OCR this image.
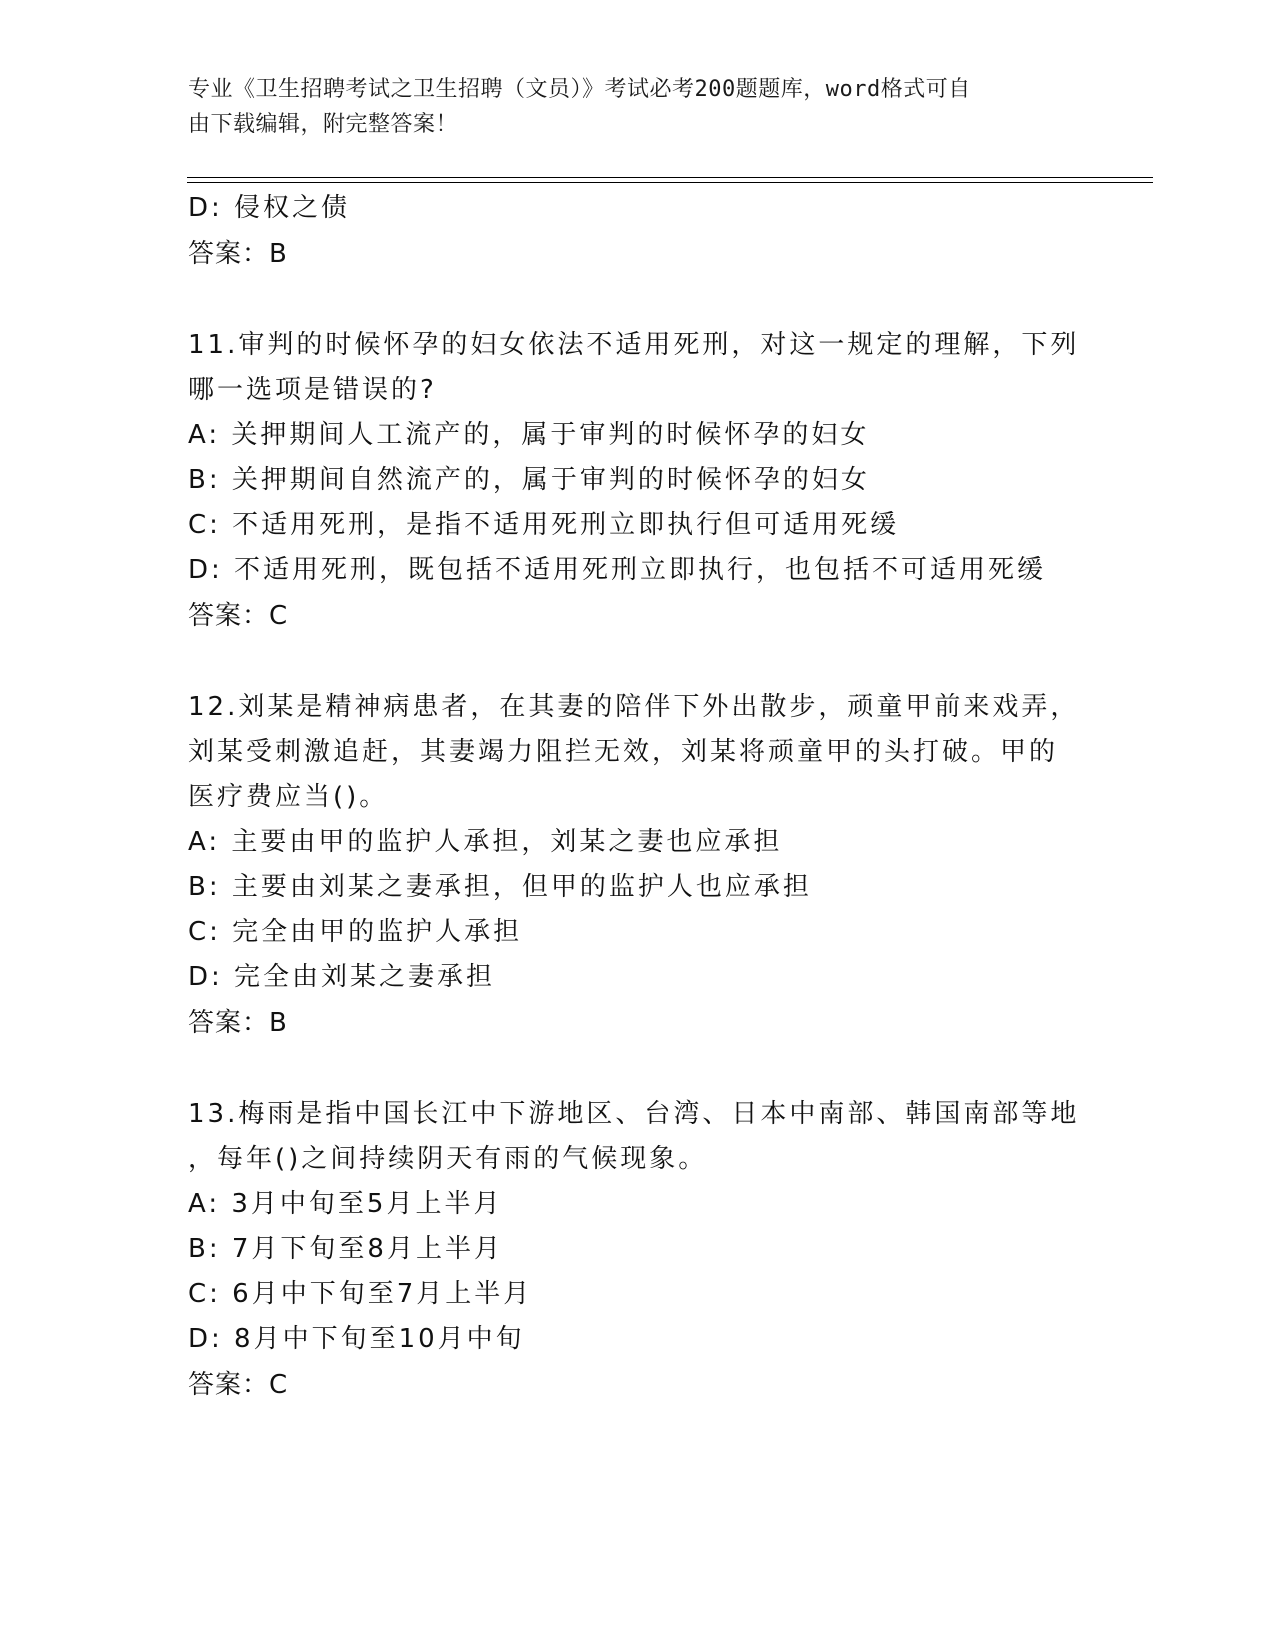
专业《卫生招聘考试之卫生招聘（文员）》考试必考200题题库，word格式可自
由下载编辑，附完整答案！
D: 侵权之债
答案：B
11.审判的时候怀孕的妇女依法不适用死刑，对这一规定的理解，下列
哪一选项是错误的?
A: 关押期间人工流产的，属于审判的时候怀孕的妇女
B: 关押期间自然流产的，属于审判的时候怀孕的妇女
C: 不适用死刑，是指不适用死刑立即执行但可适用死缓
D: 不适用死刑，既包括不适用死刑立即执行，也包括不可适用死缓
答案：C
12.刘某是精神病患者，在其妻的陪伴下外出散步，顽童甲前来戏弄，
刘某受刺激追赶，其妻竭力阻拦无效，刘某将顽童甲的头打破。甲的
医疗费应当()。
A: 主要由甲的监护人承担，刘某之妻也应承担
B: 主要由刘某之妻承担，但甲的监护人也应承担
C: 完全由甲的监护人承担
D: 完全由刘某之妻承担
答案：B
13.梅雨是指中国长江中下游地区、台湾、日本中南部、韩国南部等地
，每年()之间持续阴天有雨的气候现象。
A: 3月中旬至5月上半月
B: 7月下旬至8月上半月
C: 6月中下旬至7月上半月
D: 8月中下旬至10月中旬
答案：C
